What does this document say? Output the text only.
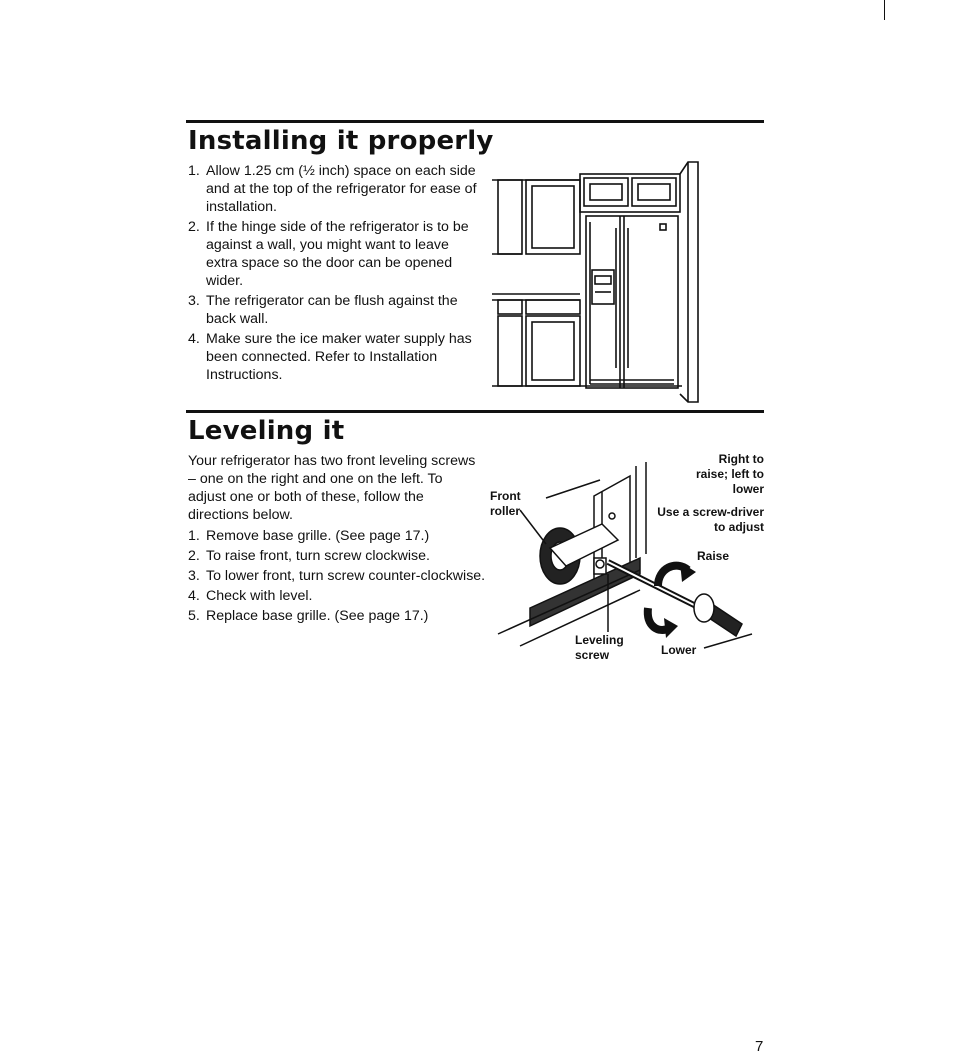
Installing it properly
1. Allow 1.25 cm (½ inch) space on each side and at the top of the refrigerator for ease of installation.
2. If the hinge side of the refrigerator is to be against a wall, you might want to leave extra space so the door can be opened wider.
3. The refrigerator can be flush against the back wall.
4. Make sure the ice maker water supply has been connected. Refer to Installation Instructions.
Leveling it

Your refrigerator has two front leveling screws – one on the right and one on the left. To adjust one or both of these, follow the directions below.

1. Remove base grille. (See page 17.)
2. To raise front, turn screw clockwise.
3. To lower front, turn screw counter-clockwise.
4. Check with level.
5. Replace base grille. (See page 17.)
Front roller
Right to raise; left to lower
Use a screw-driver to adjust
Raise
Leveling screw	Lower
7
